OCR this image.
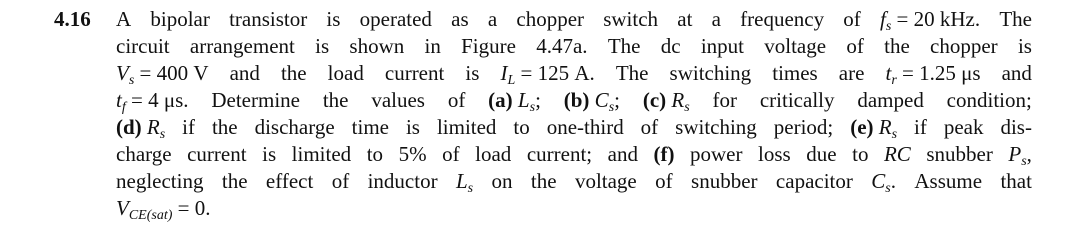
4.16 A bipolar transistor is operated as a chopper switch at a frequency of $f_s = 20$ kHz. The
circuit arrangement is shown in Figure 4.47a. The dc input voltage of the chopper is
$V_s = 400$ V and the load current is $I_L = 125$ A. The switching times are $t_r = 1.25$ μs and
$t_f = 4$ μs. Determine the values of (a) $L_s$; (b) $C_s$; (c) $R_s$ for critically damped condition;
(d) $R_s$ if the discharge time is limited to one-third of switching period; (e) $R_s$ if peak dis-
charge current is limited to 5% of load current; and (f) power loss due to RC snubber $P_s$,
neglecting the effect of inductor $L_s$ on the voltage of snubber capacitor $C_s$. Assume that
$V_{CE(sat)} = 0$.
